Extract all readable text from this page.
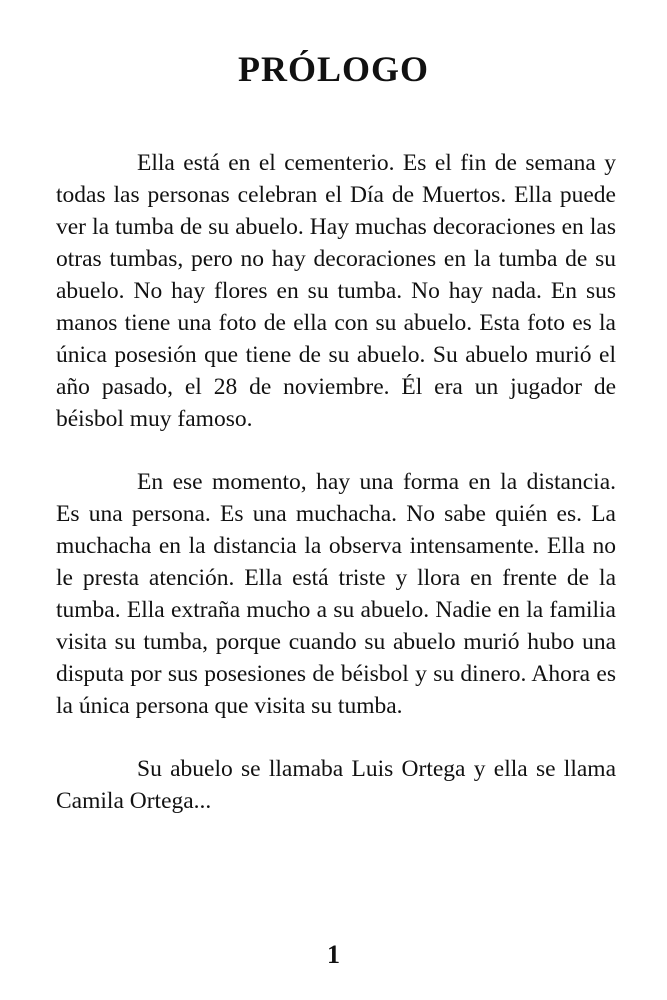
PRÓLOGO

Ella está en el cementerio. Es el fin de semana y todas las personas celebran el Día de Muertos. Ella puede ver la tumba de su abuelo. Hay muchas decoraciones en las otras tumbas, pero no hay decoraciones en la tumba de su abuelo. No hay flores en su tumba. No hay nada. En sus manos tiene una foto de ella con su abuelo. Esta foto es la única posesión que tiene de su abuelo. Su abuelo murió el año pasado, el 28 de noviembre. Él era un jugador de béisbol muy famoso.

En ese momento, hay una forma en la distancia. Es una persona. Es una muchacha. No sabe quién es. La muchacha en la distancia la observa intensamente. Ella no le presta atención. Ella está triste y llora en frente de la tumba. Ella extraña mucho a su abuelo. Nadie en la familia visita su tumba, porque cuando su abuelo murió hubo una disputa por sus posesiones de béisbol y su dinero. Ahora es la única persona que visita su tumba.

Su abuelo se llamaba Luis Ortega y ella se llama Camila Ortega...

1
